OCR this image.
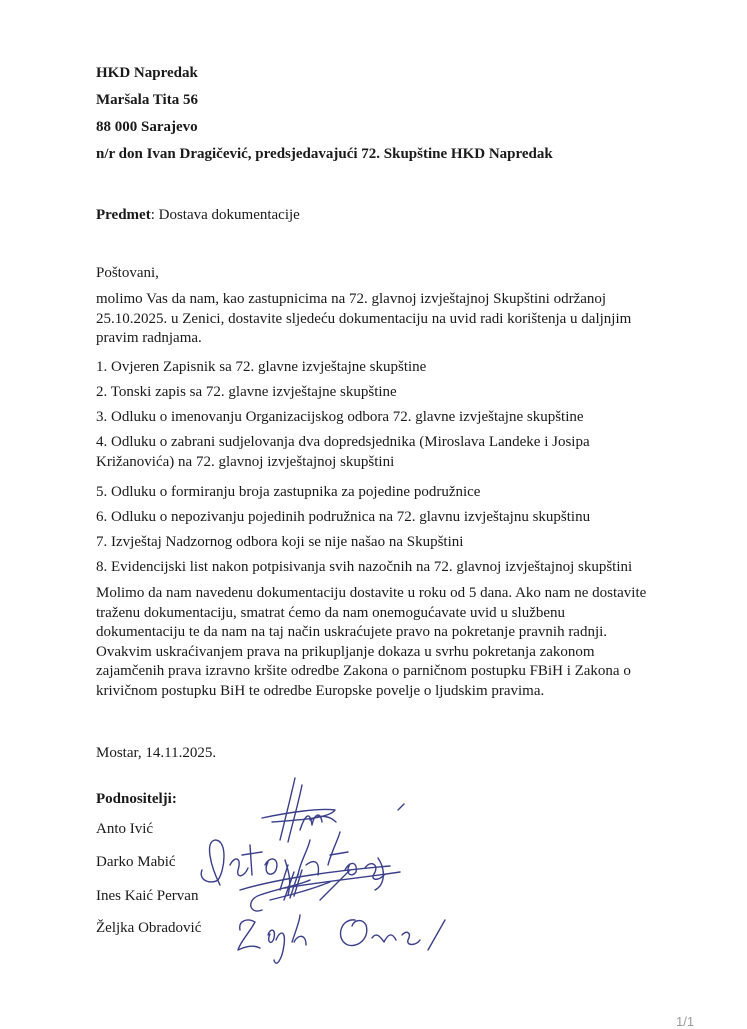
HKD Napredak
Maršala Tita 56
88 000 Sarajevo
n/r don Ivan Dragičević, predsjedavajući 72. Skupštine HKD Napredak
Predmet: Dostava dokumentacije
Poštovani,
molimo Vas da nam, kao zastupnicima na 72. glavnoj izvještajnoj Skupštini održanoj 25.10.2025. u Zenici, dostavite sljedeću dokumentaciju na uvid radi korištenja u daljnjim pravim radnjama.
1. Ovjeren Zapisnik sa 72. glavne izvještajne skupštine
2. Tonski zapis sa 72. glavne izvještajne skupštine
3. Odluku o imenovanju Organizacijskog odbora 72. glavne izvještajne skupštine
4. Odluku o zabrani sudjelovanja dva dopredsjednika (Miroslava Landeke i Josipa Križanovića) na 72. glavnoj izvještajnoj skupštini
5. Odluku o formiranju broja zastupnika za pojedine podružnice
6. Odluku o nepozivanju pojedinih podružnica na 72. glavnu izvještajnu skupštinu
7. Izvještaj Nadzornog odbora koji se nije našao na Skupštini
8. Evidencijski list nakon potpisivanja svih nazočnih na 72. glavnoj izvještajnoj skupštini
Molimo da nam navedenu dokumentaciju dostavite u roku od 5 dana. Ako nam ne dostavite traženu dokumentaciju, smatrat ćemo da nam onemogućavate uvid u službenu dokumentaciju te da nam na taj način uskraćujete pravo na pokretanje pravnih radnji. Ovakvim uskraćivanjem prava na prikupljanje dokaza u svrhu pokretanja zakonom zajamčenih prava izravno kršite odredbe Zakona o parničnom postupku FBiH i Zakona o krivičnom postupku BiH te odredbe Europske povelje o ljudskim pravima.
Mostar, 14.11.2025.
Podnositelji:
Anto Ivić
Darko Mabić
Ines Kaić Pervan
Željka Obradović
1/1
